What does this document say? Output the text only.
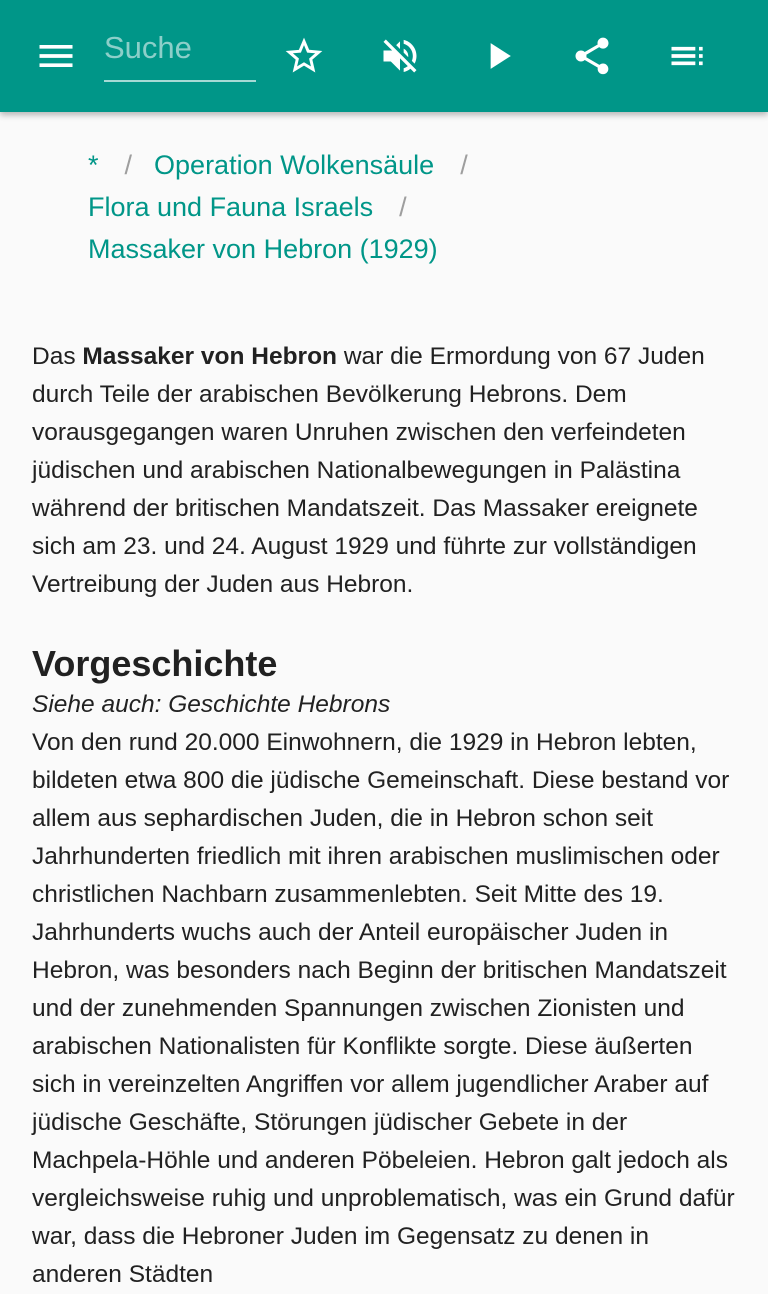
Suche
* / Operation Wolkensäule /
Flora und Fauna Israels /
Massaker von Hebron (1929)

Das Massaker von Hebron war die Ermordung von 67 Juden durch Teile der arabischen Bevölkerung Hebrons. Dem vorausgegangen waren Unruhen zwischen den verfeindeten jüdischen und arabischen Nationalbewegungen in Palästina während der britischen Mandatszeit. Das Massaker ereignete sich am 23. und 24. August 1929 und führte zur vollständigen Vertreibung der Juden aus Hebron.

Vorgeschichte

Siehe auch: Geschichte Hebrons

Von den rund 20.000 Einwohnern, die 1929 in Hebron lebten, bildeten etwa 800 die jüdische Gemeinschaft. Diese bestand vor allem aus sephardischen Juden, die in Hebron schon seit Jahrhunderten friedlich mit ihren arabischen muslimischen oder christlichen Nachbarn zusammenlebten. Seit Mitte des 19. Jahrhunderts wuchs auch der Anteil europäischer Juden in Hebron, was besonders nach Beginn der britischen Mandatszeit und der zunehmenden Spannungen zwischen Zionisten und arabischen Nationalisten für Konflikte sorgte. Diese äußerten sich in vereinzelten Angriffen vor allem jugendlicher Araber auf jüdische Geschäfte, Störungen jüdischer Gebete in der Machpela-Höhle und anderen Pöbeleien. Hebron galt jedoch als vergleichsweise ruhig und unproblematisch, was ein Grund dafür war, dass die Hebroner Juden im Gegensatz zu denen in anderen Städten
